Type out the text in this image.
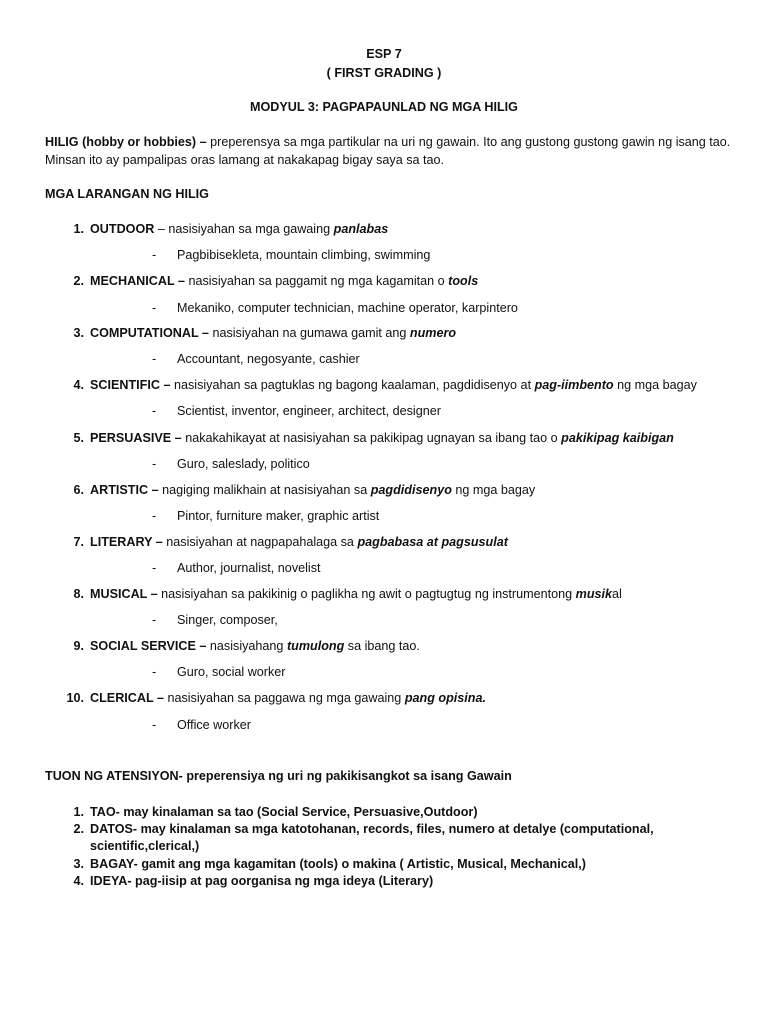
ESP 7
( FIRST GRADING )
MODYUL 3: PAGPAPAUNLAD NG MGA HILIG
HILIG (hobby or hobbies) – preperensya sa mga partikular na uri ng gawain. Ito ang gustong gustong gawin ng isang tao.
Minsan ito ay pampalipas oras lamang at nakakapag bigay saya sa tao.
MGA LARANGAN NG HILIG
1. OUTDOOR – nasisiyahan sa mga gawaing panlabas
- Pagbibisekleta, mountain climbing, swimming
2. MECHANICAL – nasisiyahan sa paggamit ng mga kagamitan o tools
- Mekaniko, computer technician, machine operator, karpintero
3. COMPUTATIONAL – nasisiyahan na gumawa gamit ang numero
- Accountant, negosyante, cashier
4. SCIENTIFIC – nasisiyahan sa pagtuklas ng bagong kaalaman, pagdidisenyo at pag-iimbento ng mga bagay
- Scientist, inventor, engineer, architect, designer
5. PERSUASIVE – nakakahikayat at nasisiyahan sa pakikipag ugnayan sa ibang tao o pakikipag kaibigan
- Guro, saleslady, politico
6. ARTISTIC – nagiging malikhain at nasisiyahan sa pagdidisenyo ng mga bagay
- Pintor, furniture maker, graphic artist
7. LITERARY – nasisiyahan at nagpapahalaga sa pagbabasa at pagsusulat
- Author, journalist, novelist
8. MUSICAL – nasisiyahan sa pakikinig o paglikha ng awit o pagtugtug ng instrumentong musikal
- Singer, composer,
9. SOCIAL SERVICE – nasisiyahang tumulong sa ibang tao.
- Guro, social worker
10. CLERICAL – nasisiyahan sa paggawa ng mga gawaing pang opisina.
- Office worker
TUON NG ATENSIYON- preperensiya ng uri ng pakikisangkot sa isang Gawain
1. TAO- may kinalaman sa tao (Social Service, Persuasive,Outdoor)
2. DATOS- may kinalaman sa mga katotohanan, records, files, numero at detalye (computational,
scientific,clerical,)
3. BAGAY- gamit ang mga kagamitan (tools) o makina ( Artistic, Musical, Mechanical,)
4. IDEYA- pag-iisip at pag oorganisa ng mga ideya (Literary)
